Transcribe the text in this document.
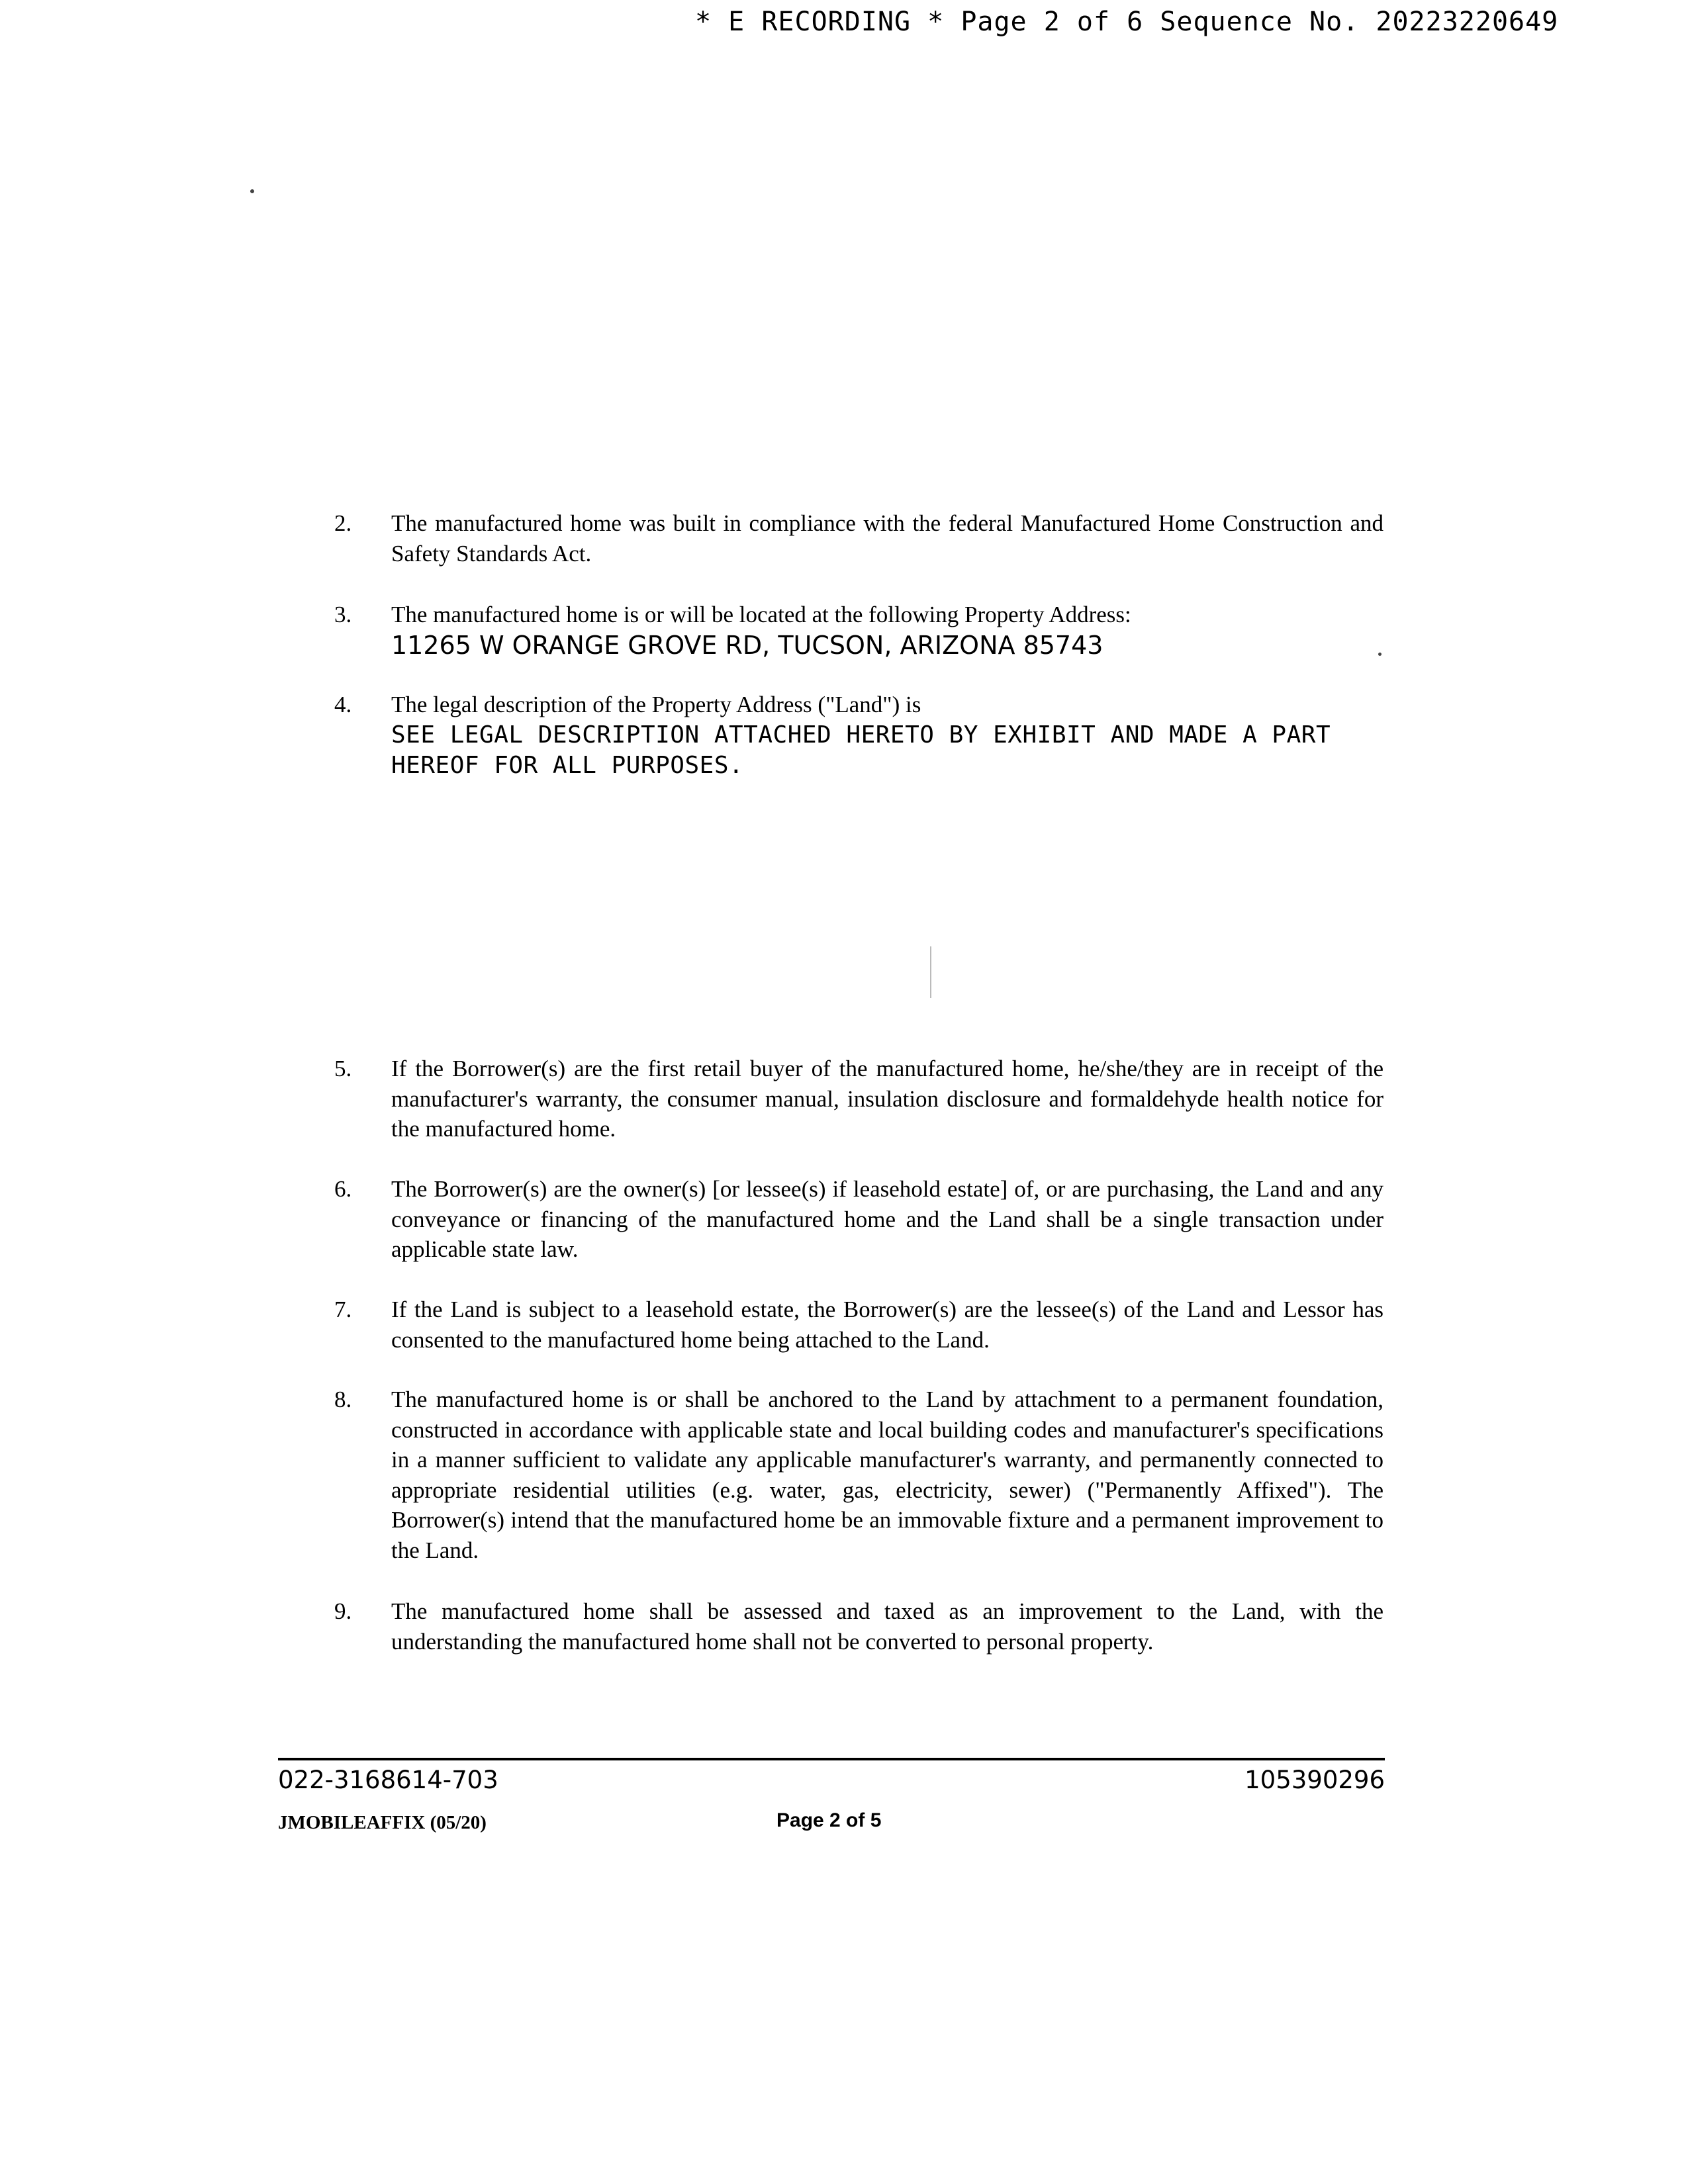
* E RECORDING * Page 2 of 6 Sequence No. 20223220649
2.	The manufactured home was built in compliance with the federal Manufactured Home Construction and Safety Standards Act.
3.	The manufactured home is or will be located at the following Property Address:
11265 W ORANGE GROVE RD, TUCSON, ARIZONA 85743
4.	The legal description of the Property Address ("Land") is
SEE LEGAL DESCRIPTION ATTACHED HERETO BY EXHIBIT AND MADE A PART HEREOF FOR ALL PURPOSES.
5.	If the Borrower(s) are the first retail buyer of the manufactured home, he/she/they are in receipt of the manufacturer's warranty, the consumer manual, insulation disclosure and formaldehyde health notice for the manufactured home.
6.	The Borrower(s) are the owner(s) [or lessee(s) if leasehold estate] of, or are purchasing, the Land and any conveyance or financing of the manufactured home and the Land shall be a single transaction under applicable state law.
7.	If the Land is subject to a leasehold estate, the Borrower(s) are the lessee(s) of the Land and Lessor has consented to the manufactured home being attached to the Land.
8.	The manufactured home is or shall be anchored to the Land by attachment to a permanent foundation, constructed in accordance with applicable state and local building codes and manufacturer's specifications in a manner sufficient to validate any applicable manufacturer's warranty, and permanently connected to appropriate residential utilities (e.g. water, gas, electricity, sewer) ("Permanently Affixed"). The Borrower(s) intend that the manufactured home be an immovable fixture and a permanent improvement to the Land.
9.	The manufactured home shall be assessed and taxed as an improvement to the Land, with the understanding the manufactured home shall not be converted to personal property.
022-3168614-703	105390296
JMOBILEAFFIX (05/20)	Page 2 of 5
